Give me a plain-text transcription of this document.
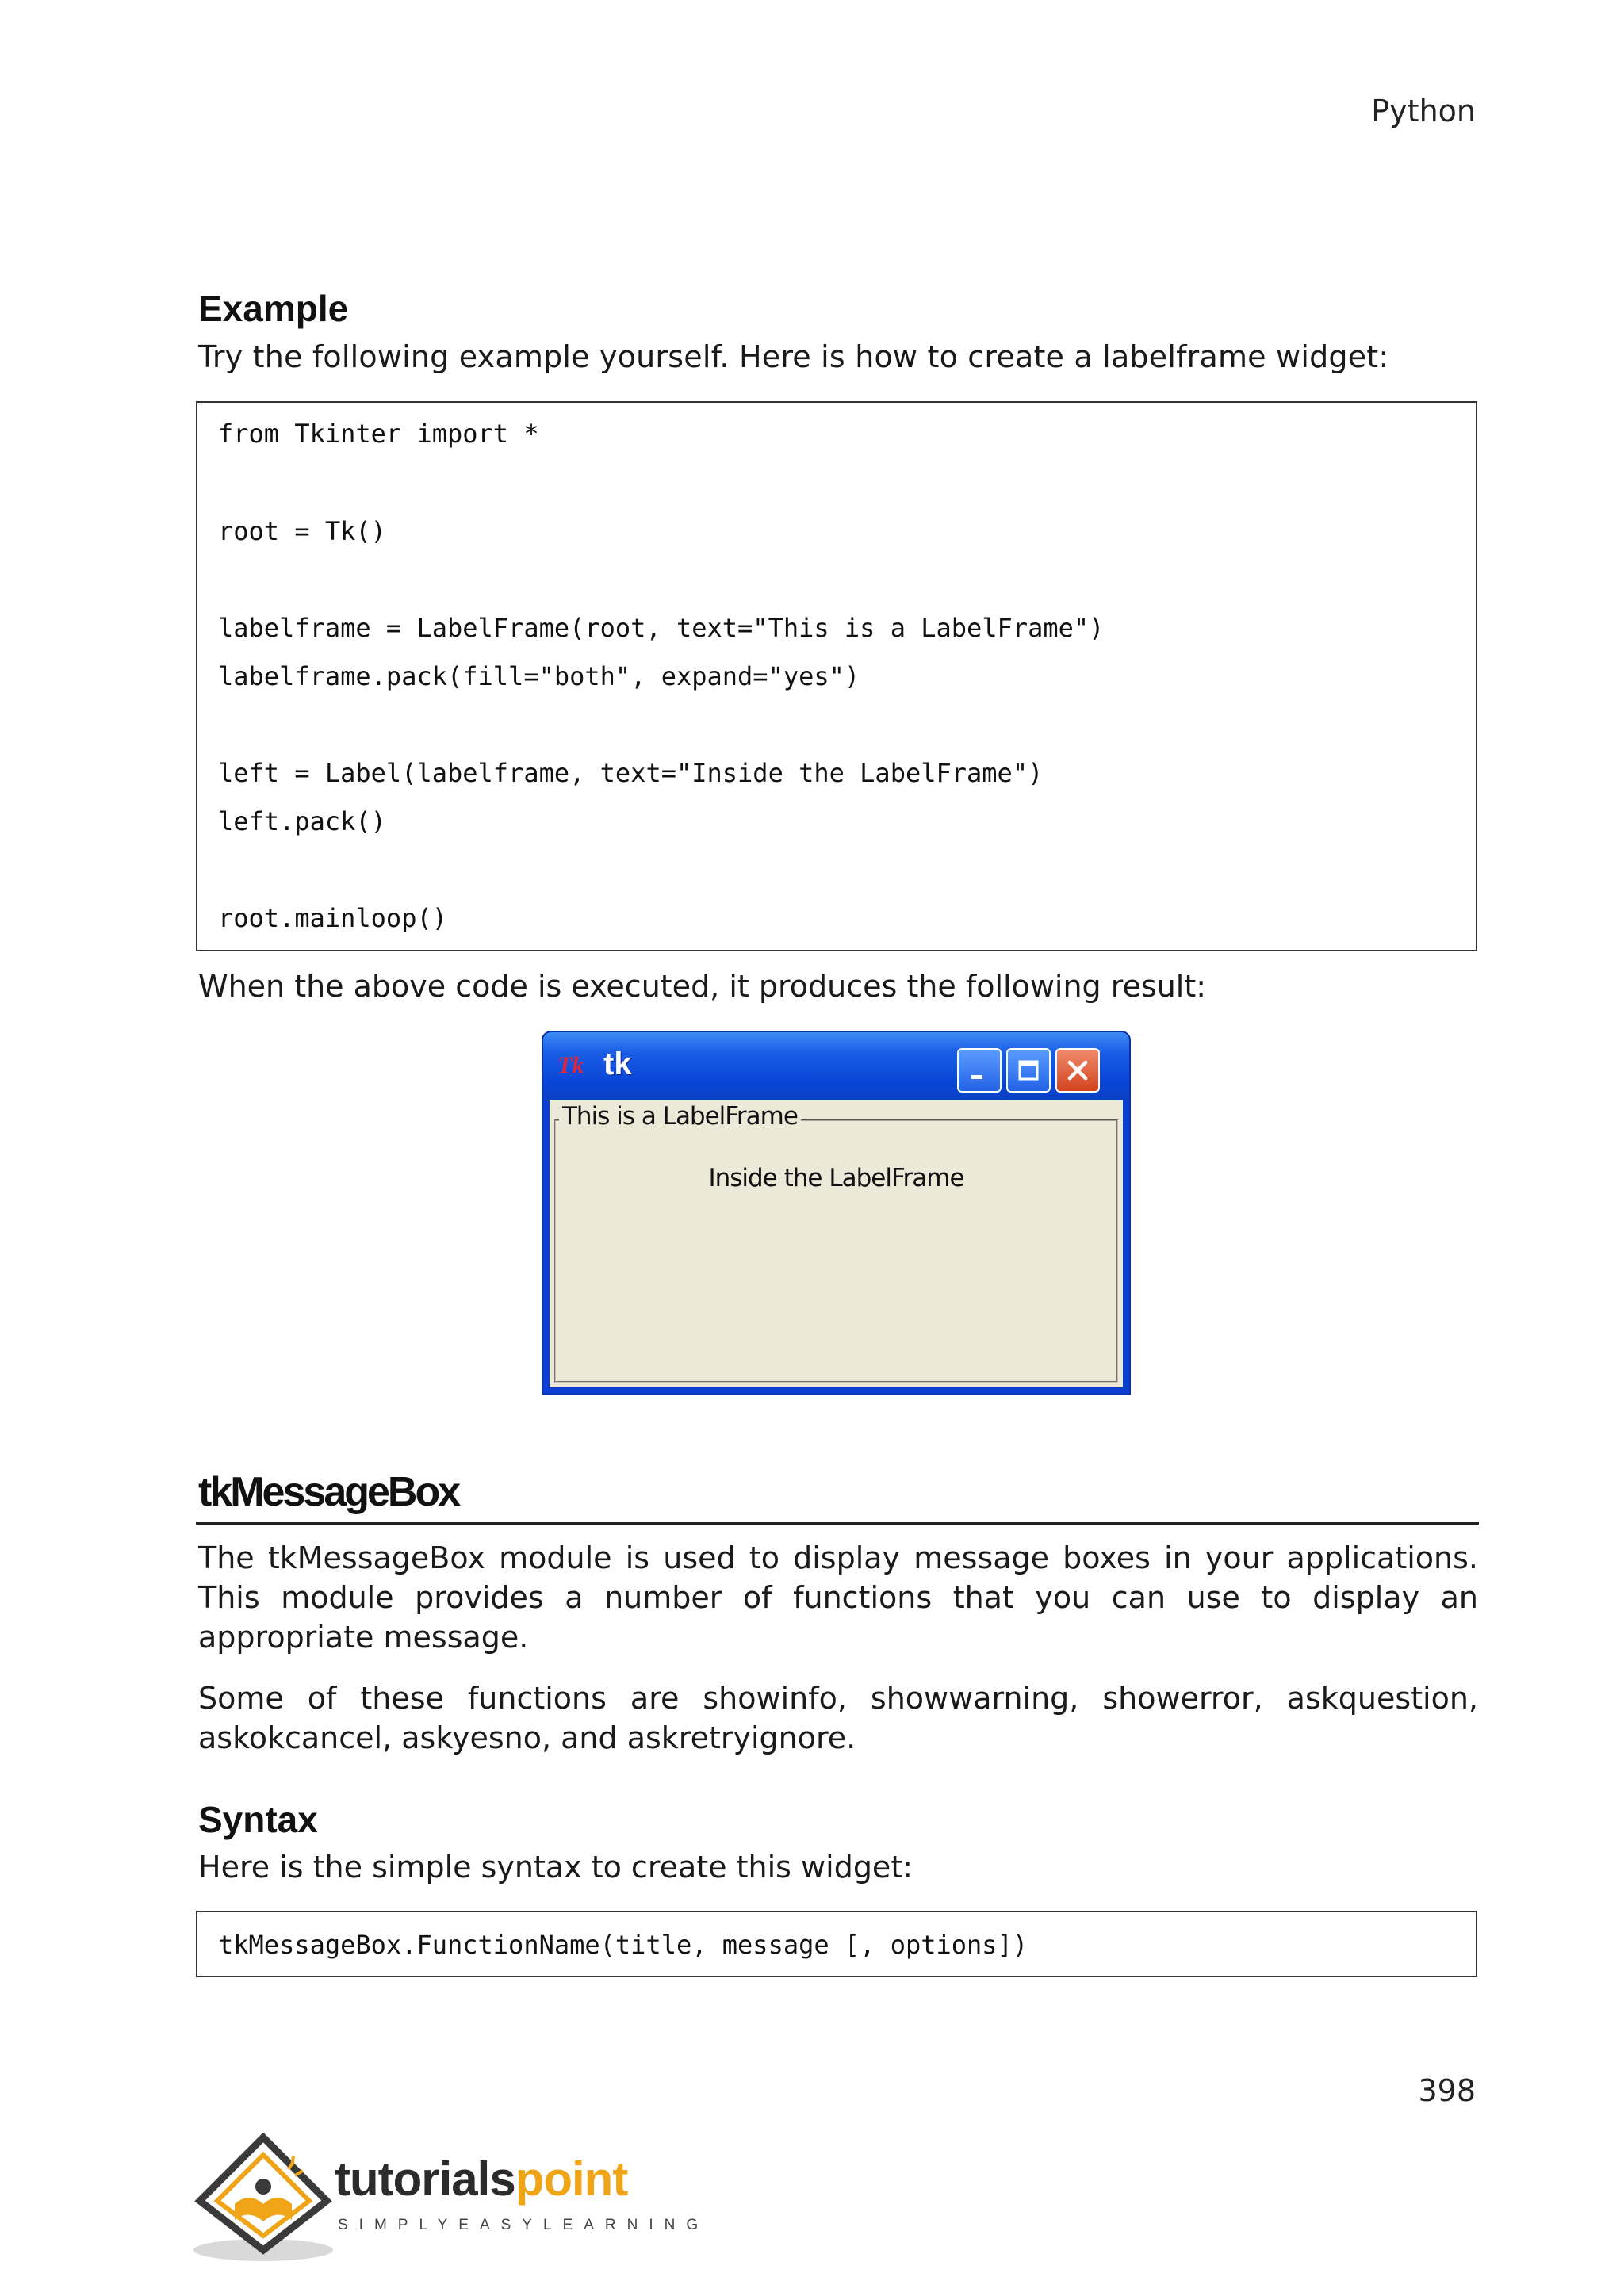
Python
Example
Try the following example yourself. Here is how to create a labelframe widget:
from Tkinter import *
root = Tk()
labelframe = LabelFrame(root, text="This is a LabelFrame")
labelframe.pack(fill="both", expand="yes")
left = Label(labelframe, text="Inside the LabelFrame")
left.pack()
root.mainloop()
When the above code is executed, it produces the following result:
Tk tk
Inside the LabelFrame
This is a LabelFrame
tkMessageBox
The tkMessageBox module is used to display message boxes in your applications. This module provides a number of functions that you can use to display an appropriate message.
Some of these functions are showinfo, showwarning, showerror, askquestion, askokcancel, askyesno, and askretryignore.
Syntax
Here is the simple syntax to create this widget:
tkMessageBox.FunctionName(title, message [, options])
398
tutorialspoint
SIMPLYEASYLEARNING
